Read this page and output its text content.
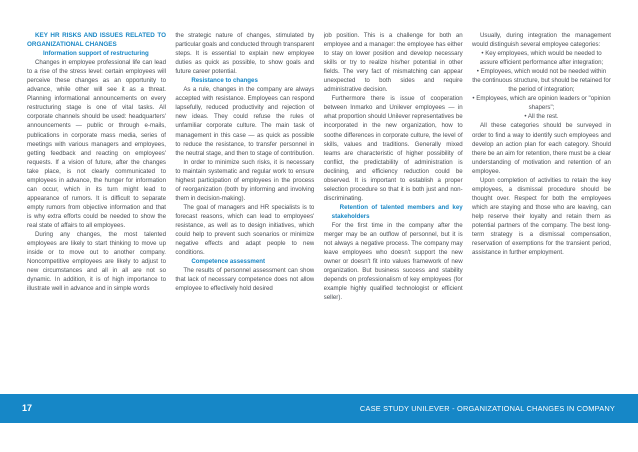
KEY HR RISKS AND ISSUES RELATED TO ORGANIZATIONAL CHANGES

Information support of restructuring

Changes in employee professional life can lead to a rise of the stress level: certain employees will perceive these changes as an opportunity to advance, while other will see it as a threat. Planning informational announcements on every restructuring stage is one of vital tasks. All corporate channels should be used: headquarters' announcements — public or through e-mails, publications in corporate mass media, series of meetings with various managers and employees, getting feedback and reacting on employees' requests. If a vision of future, after the changes take place, is not clearly communicated to employees in advance, the hunger for information can occur, which in its turn might lead to appearance of rumors. It is difficult to separate empty rumors from objective information and that is why extra efforts could be needed to show the real state of affairs to all employees.

During any changes, the most talented employees are likely to start thinking to move up inside or to move out to another company. Noncompetitive employees are likely to adjust to new circumstances and all in all are not so dynamic. In addition, it is of high importance to illustrate well in advance and in simple words

the strategic nature of changes, stimulated by particular goals and conducted through transparent steps. It is essential to explain new employee duties as quick as possible, to show goals and future career potential.

Resistance to changes

As a rule, changes in the company are always accepted with resistance. Employees can respond lapsefully, reduced productivity and rejection of new ideas. They could refuse the rules of unfamiliar corporate culture. The main task of management in this case — as quick as possible to reduce the resistance, to transfer personnel in the neutral stage, and then to stage of contribution.

In order to minimize such risks, it is necessary to maintain systematic and regular work to ensure highest participation of employees in the process of reorganization (both by informing and involving them in decision-making).

The goal of managers and HR specialists is to forecast reasons, which can lead to employees' resistance, as well as to design initiatives, which could help to prevent such scenarios or minimize negative effects and adapt people to new conditions.

Competence assessment

The results of personnel assessment can show that lack of necessary competence does not allow employee to effectively hold desired

job position. This is a challenge for both an employee and a manager: the employee has either to stay on lower position and develop necessary skills or try to realize his/her potential in other fields. The very fact of mismatching can appear unexpected to both sides and require administrative decision.

Furthermore there is issue of cooperation between Inmarko and Unilever employees — in what proportion should Unilever representatives be incorporated in the new organization, how to soothe differences in corporate culture, the level of skills, values and traditions. Generally mixed teams are characteristic of higher possibility of conflict, the predictability of administration is declining, and efficiency reduction could be observed. It is important to establish a proper selection procedure so that it is both just and non-discriminating.

Retention of talented members and key stakeholders

For the first time in the company after the merger may be an outflow of personnel, but it is not always a negative process. The company may leave employees who doesn't support the new owner or doesn't fit into values framework of new organization. But business success and stability depends on professionalism of key employees (for example highly qualified technologist or efficient seller).

Usually, during integration the management would distinguish several employee categories:

• Key employees, which would be needed to assure efficient performance after integration;

• Employees, which would not be needed within the continuous structure, but should be retained for the period of integration;

• Employees, which are opinion leaders or "opinion shapers";

• All the rest.

All these categories should be surveyed in order to find a way to identify such employees and develop an action plan for each category. Should there be an aim for retention, there must be a clear understanding of motivation and retention of an employee.

Upon completion of activities to retain the key employees, a dismissal procedure should be thought over. Respect for both the employees which are staying and those who are leaving, can help reserve their loyalty and retain them as potential partners of the company. The best long-term strategy is a dismissal compensation, reservation of exemptions for the transient period, assistance in further employment.

17	CASE STUDY UNILEVER - ORGANIZATIONAL CHANGES IN COMPANY
